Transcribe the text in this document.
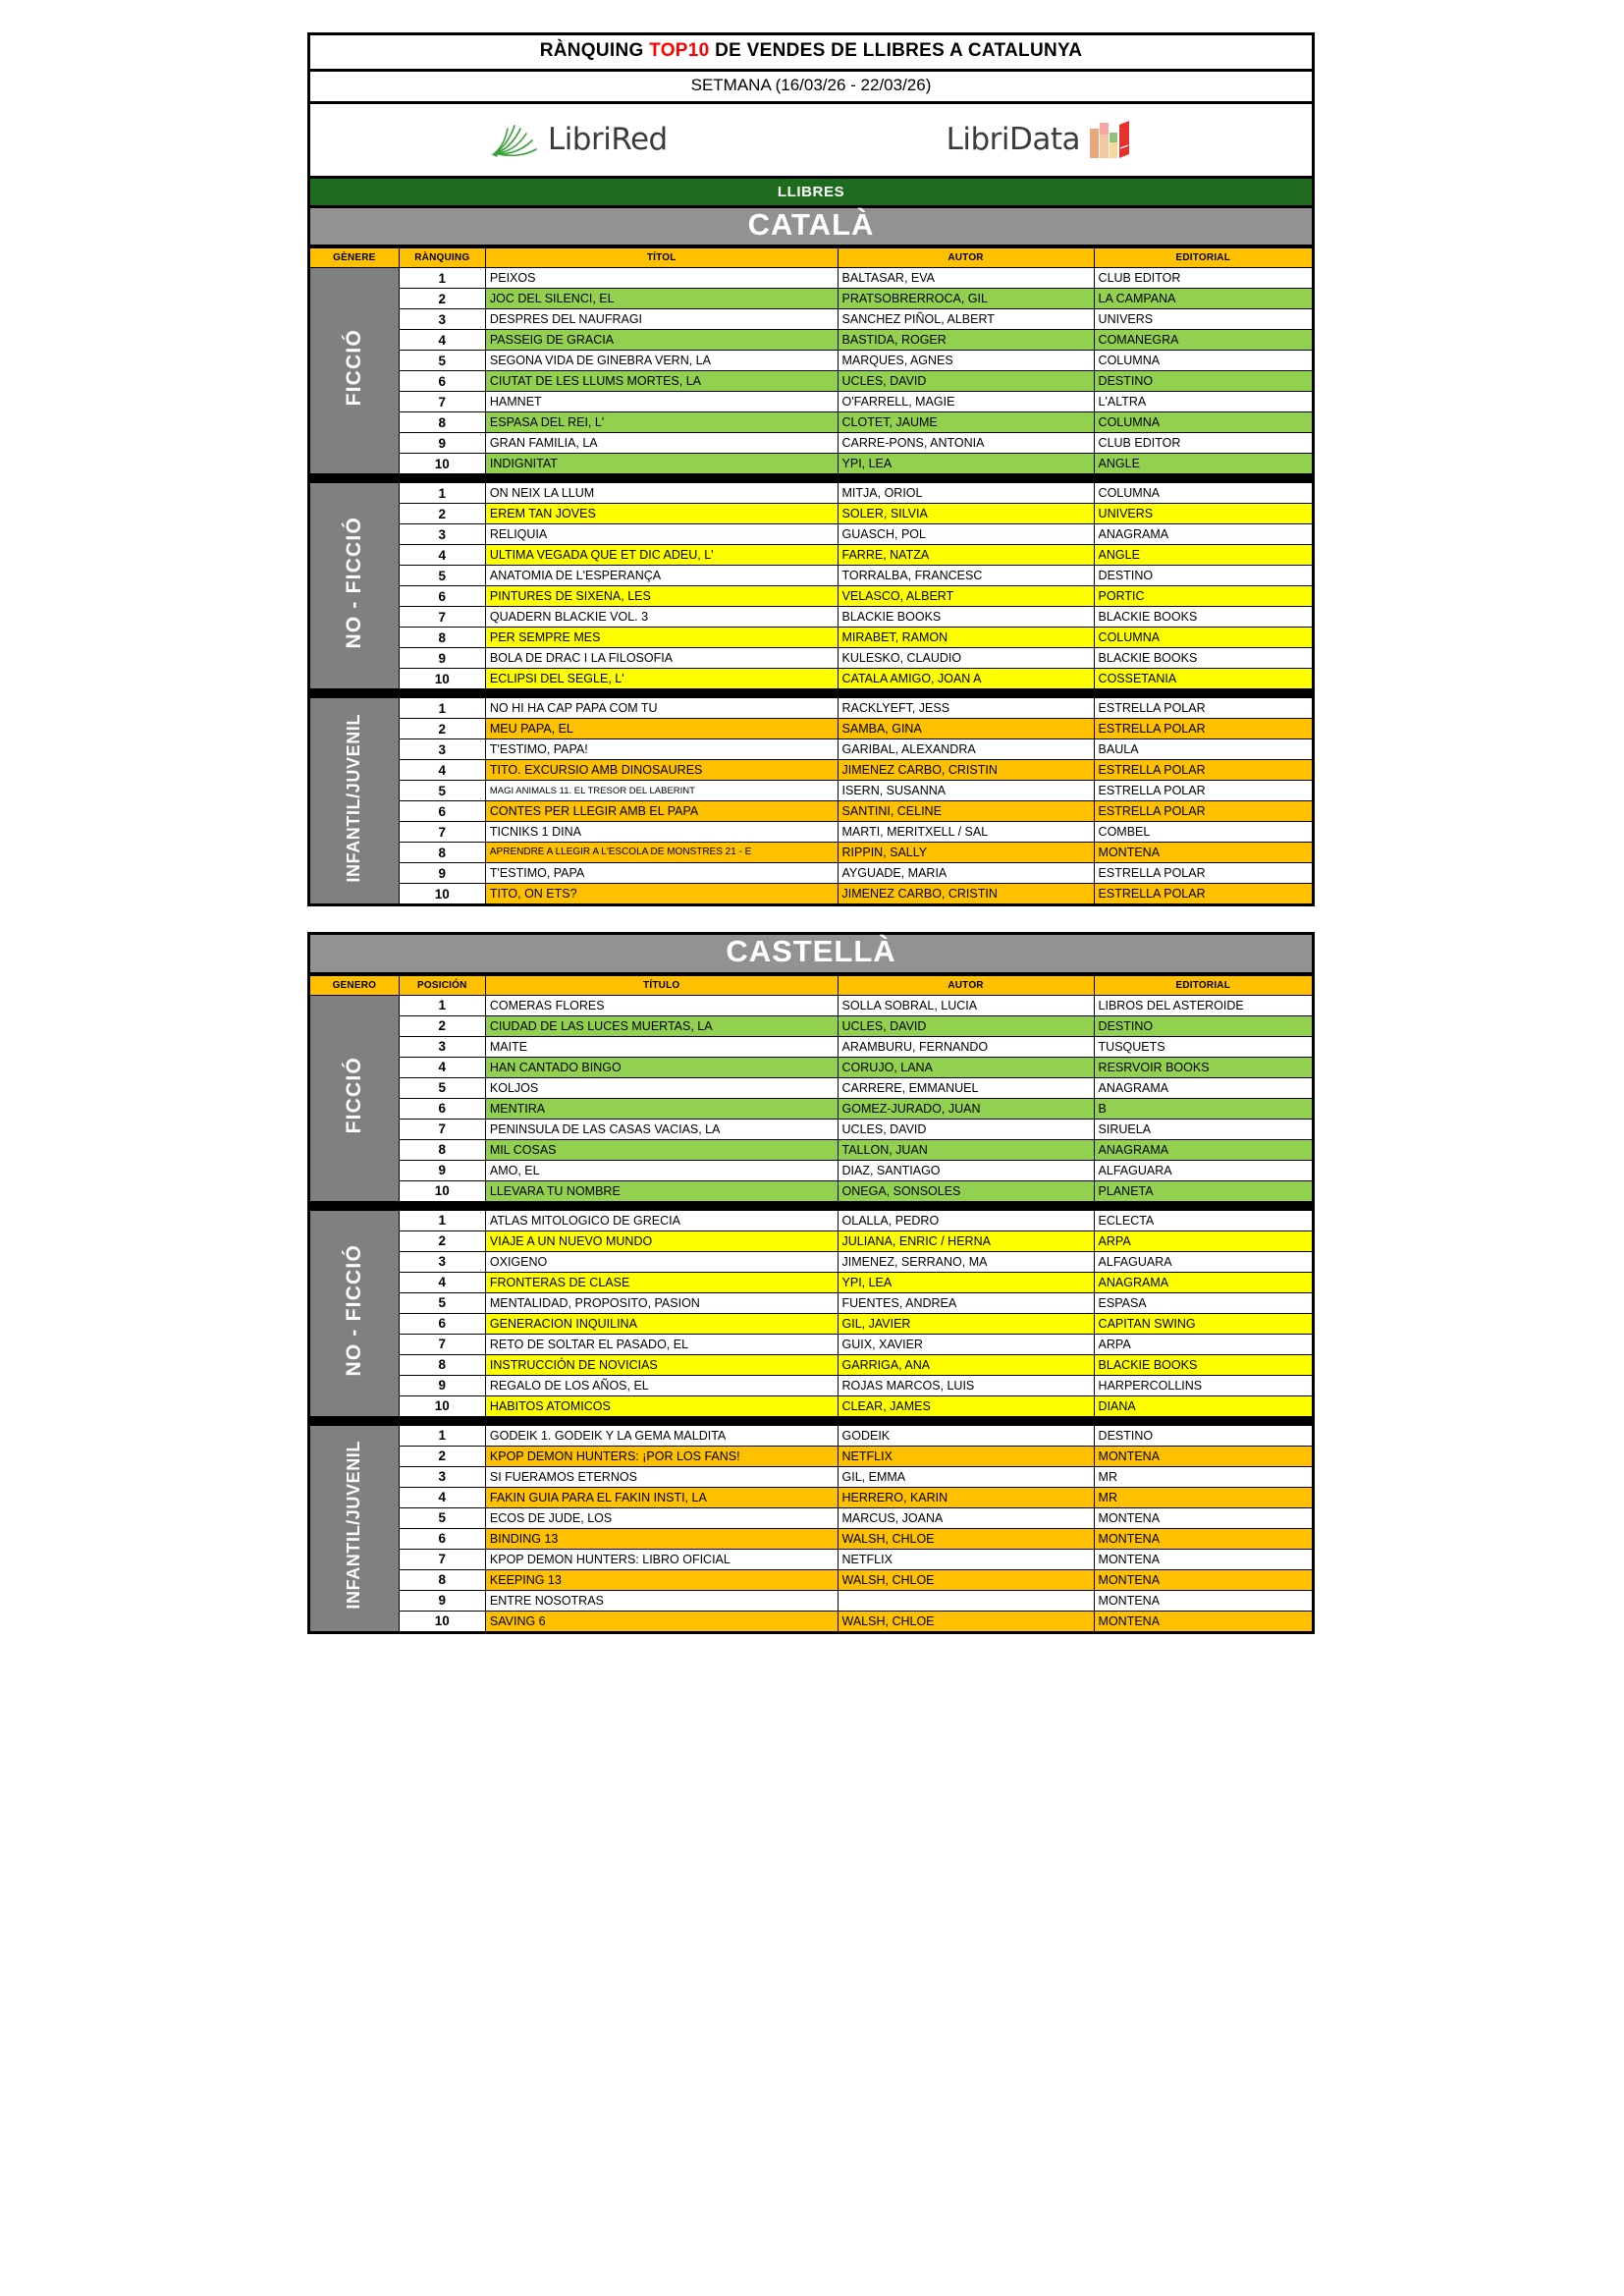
RÀNQUING TOP10 DE VENDES DE LLIBRES A CATALUNYA
SETMANA (16/03/26 - 22/03/26)
LibriRed	LibriData
LLIBRES
CATALÀ
GÈNERE	RÀNQUING	TÍTOL	AUTOR	EDITORIAL
FICCIÓ	1	PEIXOS	BALTASAR, EVA	CLUB EDITOR
	2	JOC DEL SILENCI, EL	PRATSOBRERROCA, GIL	LA CAMPANA
	3	DESPRES DEL NAUFRAGI	SANCHEZ PIÑOL, ALBERT	UNIVERS
	4	PASSEIG DE GRACIA	BASTIDA, ROGER	COMANEGRA
	5	SEGONA VIDA DE GINEBRA VERN, LA	MARQUES, AGNES	COLUMNA
	6	CIUTAT DE LES LLUMS MORTES, LA	UCLES, DAVID	DESTINO
	7	HAMNET	O'FARRELL, MAGIE	L'ALTRA
	8	ESPASA DEL REI, L'	CLOTET, JAUME	COLUMNA
	9	GRAN FAMILIA, LA	CARRE-PONS, ANTONIA	CLUB EDITOR
	10	INDIGNITAT	YPI, LEA	ANGLE

NO - FICCIÓ	1	ON NEIX LA LLUM	MITJA, ORIOL	COLUMNA
	2	EREM TAN JOVES	SOLER, SILVIA	UNIVERS
	3	RELIQUIA	GUASCH, POL	ANAGRAMA
	4	ULTIMA VEGADA QUE ET DIC ADEU, L'	FARRE, NATZA	ANGLE
	5	ANATOMIA DE L'ESPERANÇA	TORRALBA, FRANCESC	DESTINO
	6	PINTURES DE SIXENA, LES	VELASCO, ALBERT	PORTIC
	7	QUADERN BLACKIE VOL. 3	BLACKIE BOOKS	BLACKIE BOOKS
	8	PER SEMPRE MES	MIRABET, RAMON	COLUMNA
	9	BOLA DE DRAC I LA FILOSOFIA	KULESKO, CLAUDIO	BLACKIE BOOKS
	10	ECLIPSI DEL SEGLE, L'	CATALA AMIGO, JOAN A	COSSETANIA

INFANTIL/JUVENIL	1	NO HI HA CAP PAPA COM TU	RACKLYEFT, JESS	ESTRELLA POLAR
	2	MEU PAPA, EL	SAMBA, GINA	ESTRELLA POLAR
	3	T'ESTIMO, PAPA!	GARIBAL, ALEXANDRA	BAULA
	4	TITO. EXCURSIO AMB DINOSAURES	JIMENEZ CARBO, CRISTIN	ESTRELLA POLAR
	5	MAGI ANIMALS 11. EL TRESOR DEL LABERINT	ISERN, SUSANNA	ESTRELLA POLAR
	6	CONTES PER LLEGIR AMB EL PAPA	SANTINI, CELINE	ESTRELLA POLAR
	7	TICNIKS 1 DINA	MARTI, MERITXELL / SAL	COMBEL
	8	APRENDRE A LLEGIR A L'ESCOLA DE MONSTRES 21 - E	RIPPIN, SALLY	MONTENA
	9	T'ESTIMO, PAPA	AYGUADE, MARIA	ESTRELLA POLAR
	10	TITO, ON ETS?	JIMENEZ CARBO, CRISTIN	ESTRELLA POLAR
CASTELLÀ
GENERO	POSICIÓN	TÍTULO	AUTOR	EDITORIAL
FICCIÓ	1	COMERAS FLORES	SOLLA SOBRAL, LUCIA	LIBROS DEL ASTEROIDE
	2	CIUDAD DE LAS LUCES MUERTAS, LA	UCLES, DAVID	DESTINO
	3	MAITE	ARAMBURU, FERNANDO	TUSQUETS
	4	HAN CANTADO BINGO	CORUJO, LANA	RESRVOIR BOOKS
	5	KOLJOS	CARRERE, EMMANUEL	ANAGRAMA
	6	MENTIRA	GOMEZ-JURADO, JUAN	B
	7	PENINSULA DE LAS CASAS VACIAS, LA	UCLES, DAVID	SIRUELA
	8	MIL COSAS	TALLON, JUAN	ANAGRAMA
	9	AMO, EL	DIAZ, SANTIAGO	ALFAGUARA
	10	LLEVARA TU NOMBRE	ONEGA, SONSOLES	PLANETA

NO - FICCIÓ	1	ATLAS MITOLOGICO DE GRECIA	OLALLA, PEDRO	ECLECTA
	2	VIAJE A UN NUEVO MUNDO	JULIANA, ENRIC / HERNA	ARPA
	3	OXIGENO	JIMENEZ, SERRANO, MA	ALFAGUARA
	4	FRONTERAS DE CLASE	YPI, LEA	ANAGRAMA
	5	MENTALIDAD, PROPOSITO, PASION	FUENTES, ANDREA	ESPASA
	6	GENERACION INQUILINA	GIL, JAVIER	CAPITAN SWING
	7	RETO DE SOLTAR EL PASADO, EL	GUIX, XAVIER	ARPA
	8	INSTRUCCIÓN DE NOVICIAS	GARRIGA, ANA	BLACKIE BOOKS
	9	REGALO DE LOS AÑOS, EL	ROJAS MARCOS, LUIS	HARPERCOLLINS
	10	HABITOS ATOMICOS	CLEAR, JAMES	DIANA

INFANTIL/JUVENIL	1	GODEIK 1. GODEIK Y LA GEMA MALDITA	GODEIK	DESTINO
	2	KPOP DEMON HUNTERS: ¡POR LOS FANS!	NETFLIX	MONTENA
	3	SI FUERAMOS ETERNOS	GIL, EMMA	MR
	4	FAKIN GUIA PARA EL FAKIN INSTI, LA	HERRERO, KARIN	MR
	5	ECOS DE JUDE, LOS	MARCUS, JOANA	MONTENA
	6	BINDING 13	WALSH, CHLOE	MONTENA
	7	KPOP DEMON HUNTERS: LIBRO OFICIAL	NETFLIX	MONTENA
	8	KEEPING 13	WALSH, CHLOE	MONTENA
	9	ENTRE NOSOTRAS		MONTENA
	10	SAVING 6	WALSH, CHLOE	MONTENA
